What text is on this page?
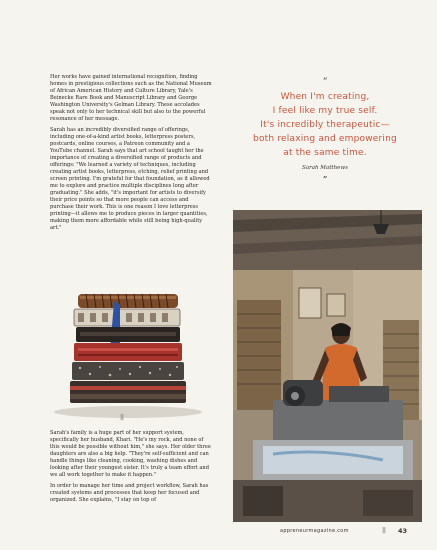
Her works have gained international recognition, finding homes in prestigious collections such as the National Museum of African American History and Culture Library, Yale's Beinecke Rare Book and Manuscript Library and George Washington University's Gelman Library. These accolades speak not only to her technical skill but also to the powerful resonance of her message.

Sarah has an incredibly diversified range of offerings, including one-of-a-kind artist books, letterpress posters, postcards, online courses, a Patreon community and a YouTube channel. Sarah says that art school taught her the importance of creating a diversified range of products and offerings: "We learned a variety of techniques, including creating artist books, letterpress, etching, relief printing and screen printing. I'm grateful for that foundation, as it allowed me to explore and practice multiple disciplines long after graduating." She adds, "it's important for artists to diversify their price points so that more people can access and purchase their work. This is one reason I love letterpress printing—it allows me to produce pieces in larger quantities, making them more affordable while still being high-quality art."

|||

Sarah's family is a huge part of her support system, specifically her husband, Khari. "He's my rock, and none of this would be possible without him," she says. Her older three daughters are also a big help. "They're self-sufficient and can handle things like cleaning, cooking, washing dishes and looking after their youngest sister. It's truly a team effort and we all work together to make it happen."

In order to manage her time and project workflow, Sarah has created systems and processes that keep her focused and organized. She explains, "I stay on top of

“
When I'm creating,
I feel like my true self.
It's incredibly therapeutic—
both relaxing and empowering
at the same time.
Sarah Matthews
”
appreneurmagazine.com	||| 43
